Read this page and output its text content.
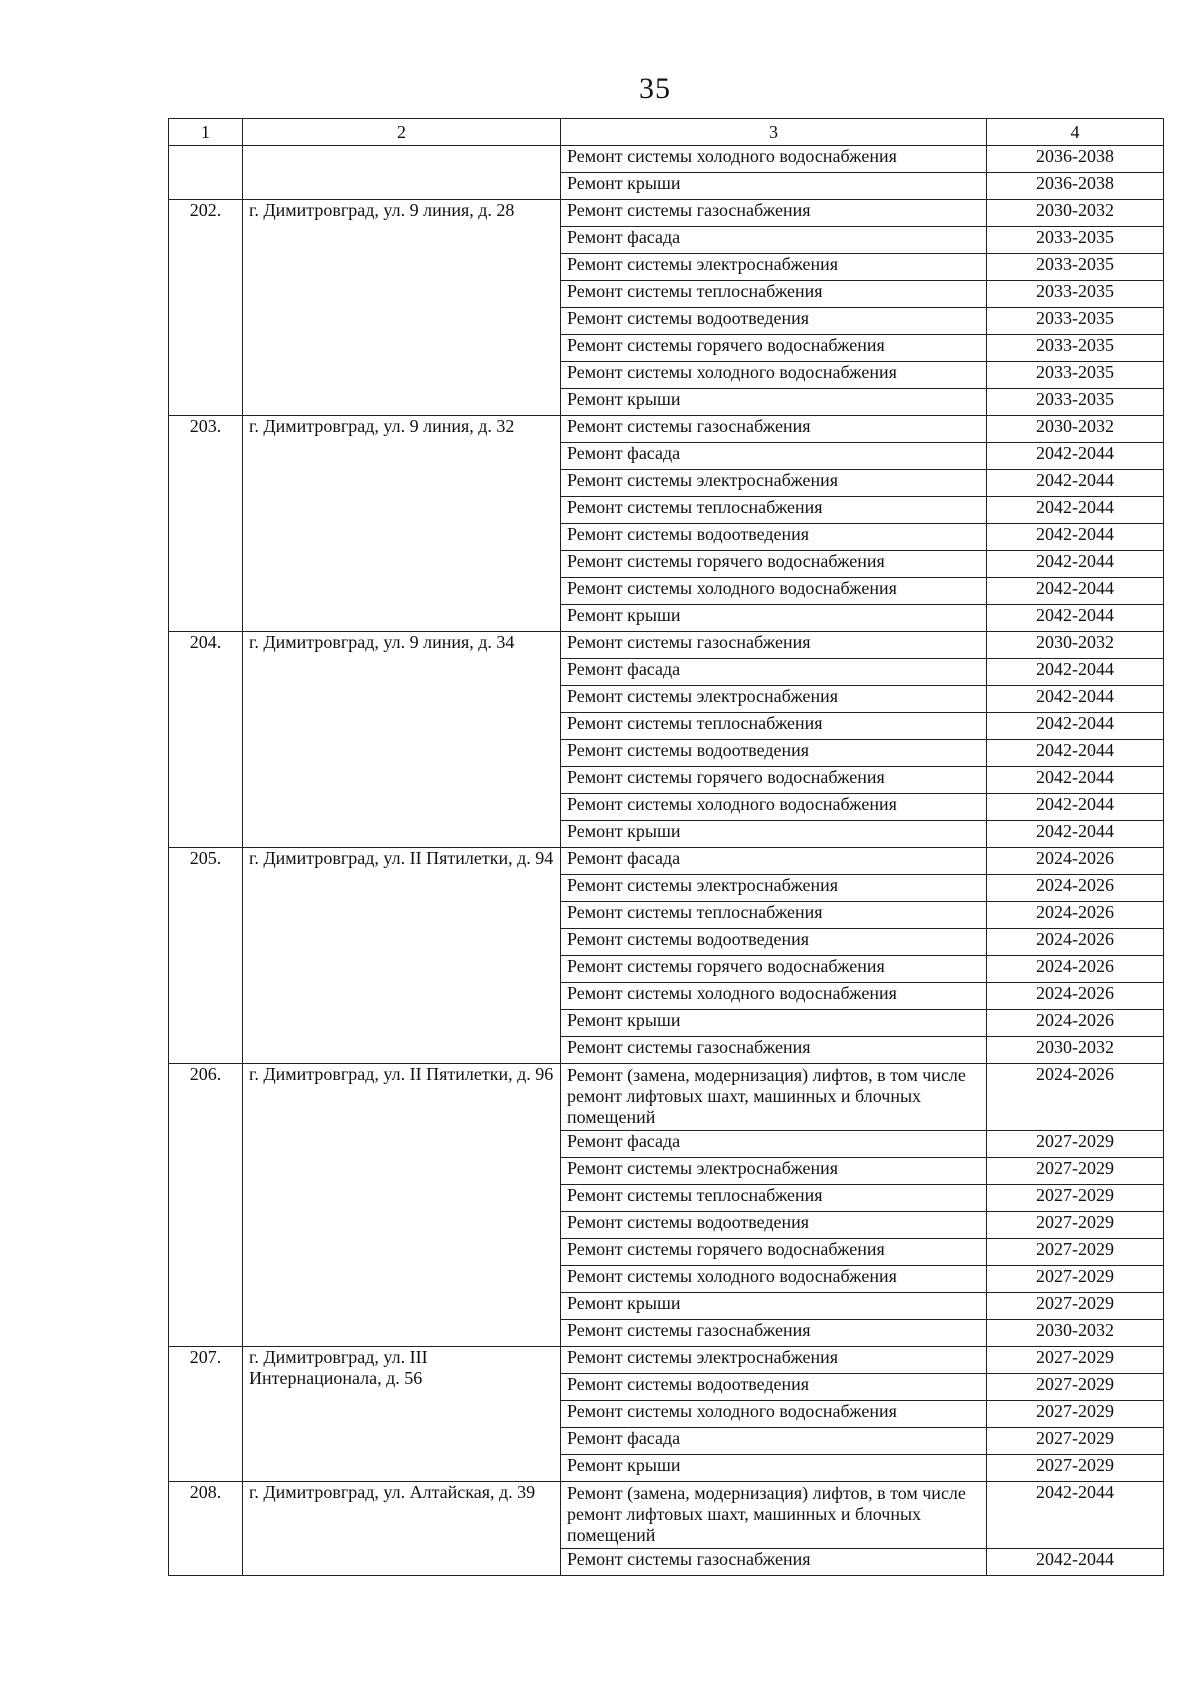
35
1	2	3	4
		Ремонт системы холодного водоснабжения	2036-2038
		Ремонт крыши	2036-2038
202.	г. Димитровград, ул. 9 линия, д. 28	Ремонт системы газоснабжения	2030-2032
		Ремонт фасада	2033-2035
		Ремонт системы электроснабжения	2033-2035
		Ремонт системы теплоснабжения	2033-2035
		Ремонт системы водоотведения	2033-2035
		Ремонт системы горячего водоснабжения	2033-2035
		Ремонт системы холодного водоснабжения	2033-2035
		Ремонт крыши	2033-2035
203.	г. Димитровград, ул. 9 линия, д. 32	Ремонт системы газоснабжения	2030-2032
		Ремонт фасада	2042-2044
		Ремонт системы электроснабжения	2042-2044
		Ремонт системы теплоснабжения	2042-2044
		Ремонт системы водоотведения	2042-2044
		Ремонт системы горячего водоснабжения	2042-2044
		Ремонт системы холодного водоснабжения	2042-2044
		Ремонт крыши	2042-2044
204.	г. Димитровград, ул. 9 линия, д. 34	Ремонт системы газоснабжения	2030-2032
		Ремонт фасада	2042-2044
		Ремонт системы электроснабжения	2042-2044
		Ремонт системы теплоснабжения	2042-2044
		Ремонт системы водоотведения	2042-2044
		Ремонт системы горячего водоснабжения	2042-2044
		Ремонт системы холодного водоснабжения	2042-2044
		Ремонт крыши	2042-2044
205.	г. Димитровград, ул. II Пятилетки, д. 94	Ремонт фасада	2024-2026
		Ремонт системы электроснабжения	2024-2026
		Ремонт системы теплоснабжения	2024-2026
		Ремонт системы водоотведения	2024-2026
		Ремонт системы горячего водоснабжения	2024-2026
		Ремонт системы холодного водоснабжения	2024-2026
		Ремонт крыши	2024-2026
		Ремонт системы газоснабжения	2030-2032
206.	г. Димитровград, ул. II Пятилетки, д. 96	Ремонт (замена, модернизация) лифтов, в том числе ремонт лифтовых шахт, машинных и блочных помещений	2024-2026
		Ремонт фасада	2027-2029
		Ремонт системы электроснабжения	2027-2029
		Ремонт системы теплоснабжения	2027-2029
		Ремонт системы водоотведения	2027-2029
		Ремонт системы горячего водоснабжения	2027-2029
		Ремонт системы холодного водоснабжения	2027-2029
		Ремонт крыши	2027-2029
		Ремонт системы газоснабжения	2030-2032
207.	г. Димитровград, ул. III Интернационала, д. 56	Ремонт системы электроснабжения	2027-2029
		Ремонт системы водоотведения	2027-2029
		Ремонт системы холодного водоснабжения	2027-2029
		Ремонт фасада	2027-2029
		Ремонт крыши	2027-2029
208.	г. Димитровград, ул. Алтайская, д. 39	Ремонт (замена, модернизация) лифтов, в том числе ремонт лифтовых шахт, машинных и блочных помещений	2042-2044
		Ремонт системы газоснабжения	2042-2044
